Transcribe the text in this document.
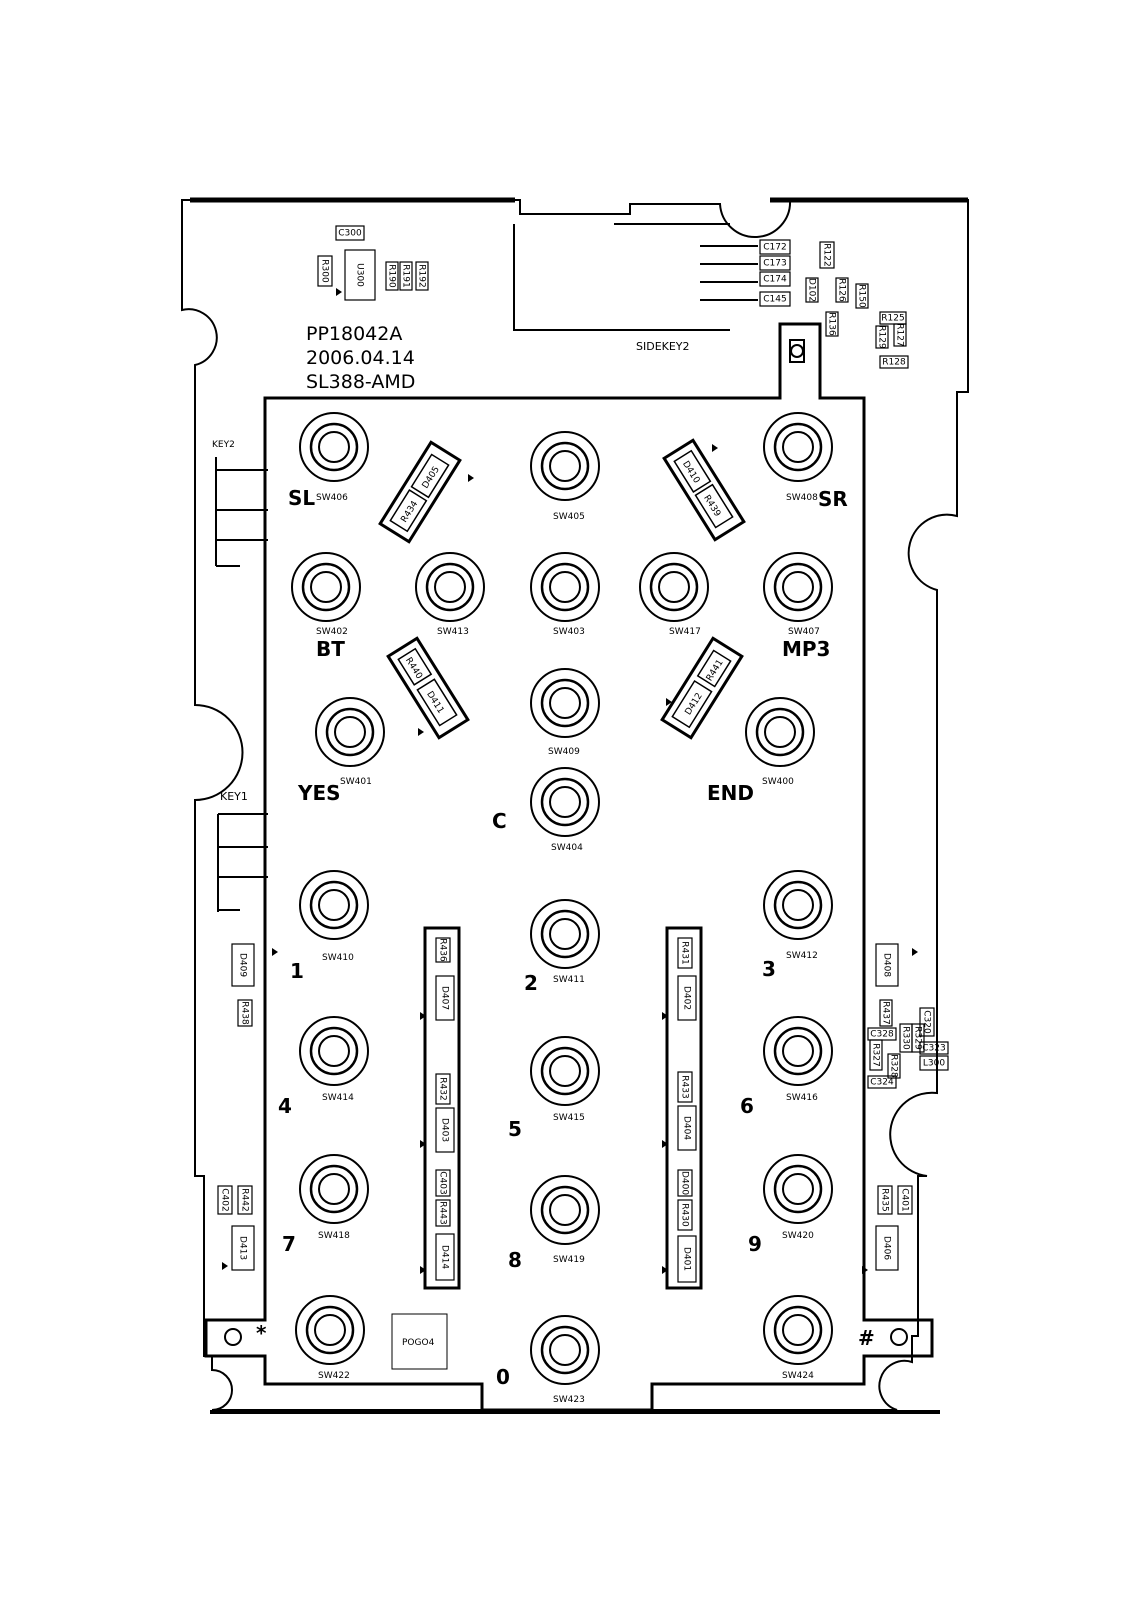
PP18042A
2006.04.14
SL388-AMD
KEY2
KEY1
SIDEKEY2
POGO4
R434
D405	D410
R439
R440
D411	D412
R441
SW406
SW405
SW408
SW402	SW413	SW403	SW417	SW407
SW409
SW401	SW400
SW404
SW410
SW411
SW412
SW414
SW415
SW416
SW418
SW419
SW420
SW422
SW423
SW424
C300
R300	U300 R190 R191 R192
C172
C173
C174
C145
R122
D102 R126 R150
R136	R125
R129 R127
R128
R436
D407
R432
D403
C403
R443
D414
R431
D402
R433
D404
D400
R430
D401
D409
R438
C402 R442
D413
D408
R437	C320
C328 R330 R329 C323
R327 R328	L300
C324
R435 C401
D406
SL	SR
BT	MP3
YES	END
C
1	2
3
4
5
6
7
8
9
*
0
#
